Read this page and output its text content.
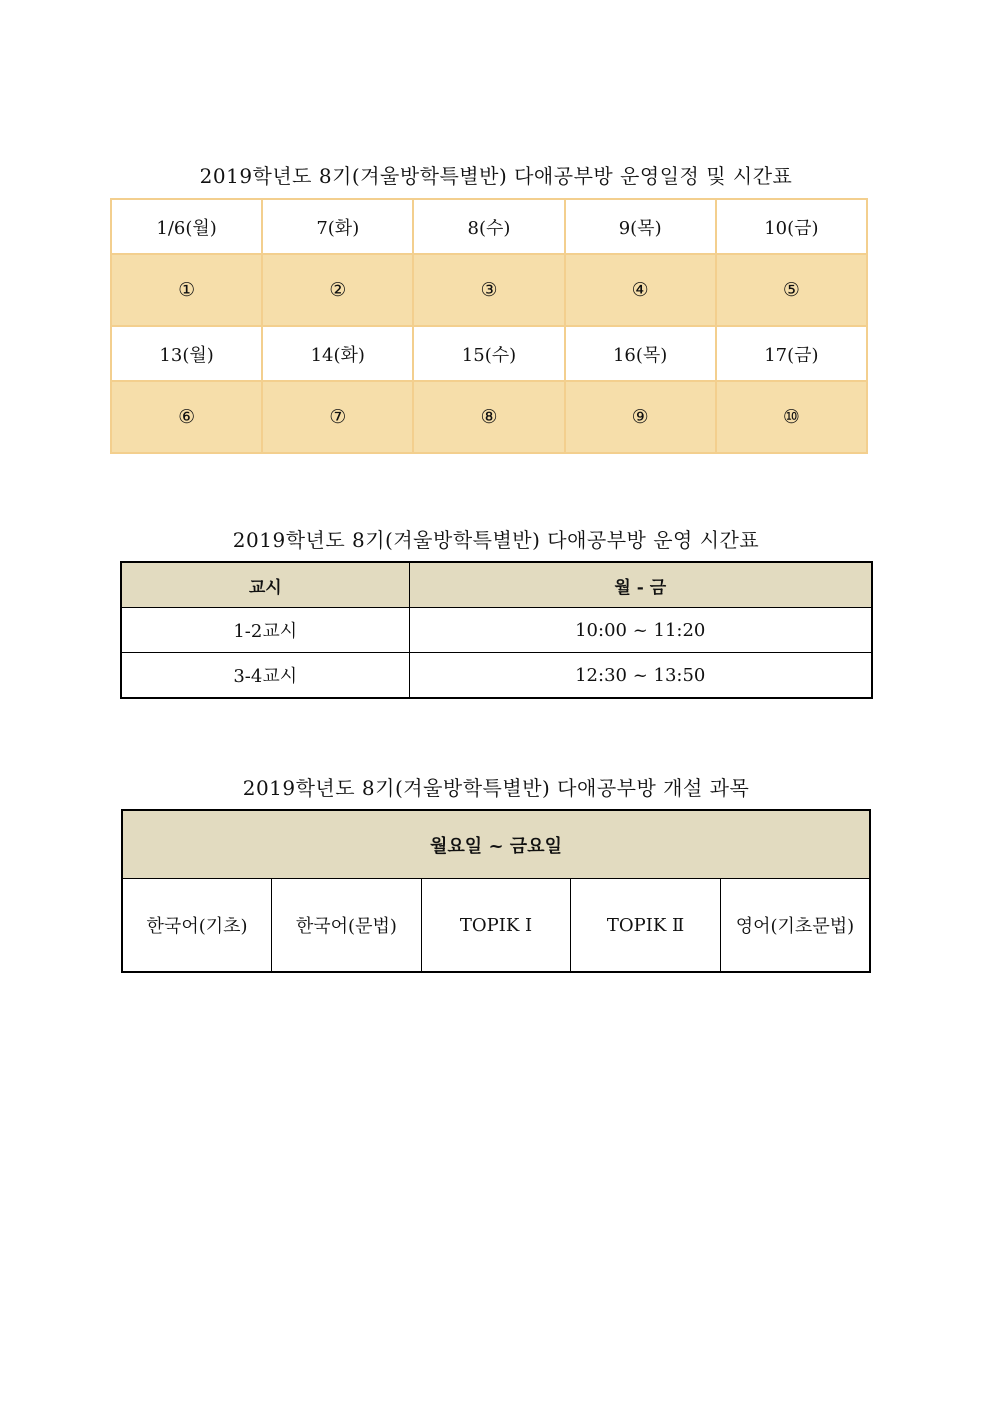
2019학년도 8기(겨울방학특별반) 다애공부방 운영일정 및 시간표
1/6(월)	7(화)	8(수)	9(목)	10(금)
①	②	③	④	⑤
13(월)	14(화)	15(수)	16(목)	17(금)
⑥	⑦	⑧	⑨	⑩
2019학년도 8기(겨울방학특별반) 다애공부방 운영 시간표
교시	월 - 금
1-2교시	10:00 ~ 11:20
3-4교시	12:30 ~ 13:50
2019학년도 8기(겨울방학특별반) 다애공부방 개설 과목
월요일 ~ 금요일
한국어(기초)	한국어(문법)	TOPIK Ⅰ	TOPIK Ⅱ	영어(기초문법)
